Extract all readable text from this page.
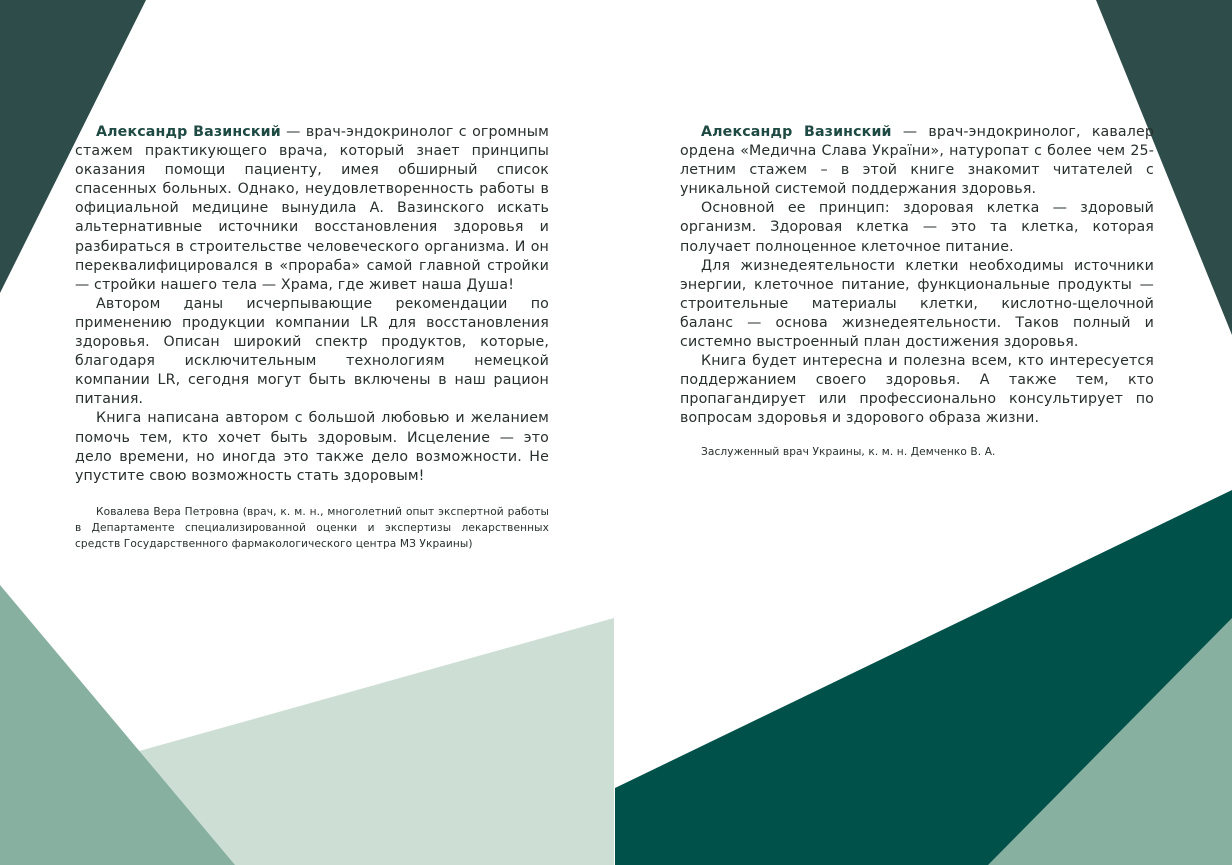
Александр Вазинский — врач-эндокринолог с огромным стажем практикующего врача, который знает принципы оказания помощи пациенту, имея обширный список спасенных больных. Однако, неудовлетворенность работы в официальной медицине вынудила А. Вазинского искать альтернативные источники восстановления здоровья и разбираться в строительстве человеческого организма. И он переквалифицировался в «прораба» самой главной стройки — стройки нашего тела — Храма, где живет наша Душа!

Автором даны исчерпывающие рекомендации по применению продукции компании LR для восстановления здоровья. Описан широкий спектр продуктов, которые, благодаря исключительным технологиям немецкой компании LR, сегодня могут быть включены в наш рацион питания.

Книга написана автором с большой любовью и желанием помочь тем, кто хочет быть здоровым. Исцеление — это дело времени, но иногда это также дело возможности. Не упустите свою возможность стать здоровым!

Ковалева Вера Петровна (врач, к. м. н., многолетний опыт экспертной работы в Департаменте специализированной оценки и экспертизы лекарственных средств Государственного фармакологического центра МЗ Украины)

Александр Вазинский — врач-эндокринолог, кавалер ордена «Медична Слава України», натуропат с более чем 25-летним стажем – в этой книге знакомит читателей с уникальной системой поддержания здоровья.

Основной ее принцип: здоровая клетка — здоровый организм. Здоровая клетка — это та клетка, которая получает полноценное клеточное питание.

Для жизнедеятельности клетки необходимы источники энергии, клеточное питание, функциональные продукты — строительные материалы клетки, кислотно-щелочной баланс — основа жизнедеятельности. Таков полный и системно выстроенный план достижения здоровья.

Книга будет интересна и полезна всем, кто интересуется поддержанием своего здоровья. А также тем, кто пропагандирует или профессионально консультирует по вопросам здоровья и здорового образа жизни.

Заслуженный врач Украины, к. м. н. Демченко В. А.
